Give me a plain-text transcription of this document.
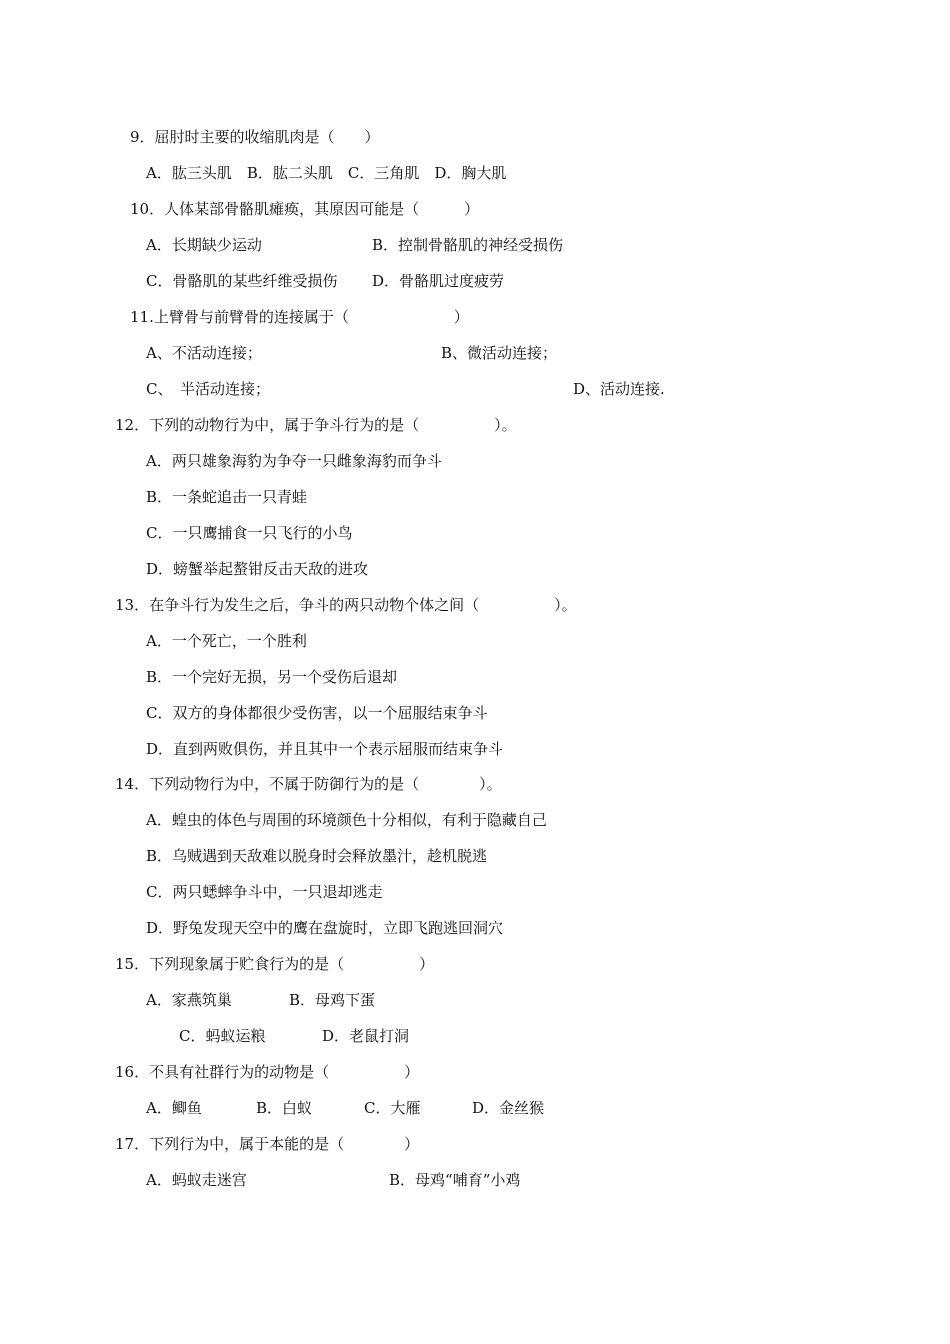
9．屈肘时主要的收缩肌肉是（　　）
A．肱三头肌　B．肱二头肌　C．三角肌　D．胸大肌
10．人体某部骨骼肌瘫痪，其原因可能是（　　　）
A．长期缺少运动	B．控制骨骼肌的神经受损伤
C．骨骼肌的某些纤维受损伤 D．骨骼肌过度疲劳
11.上臂骨与前臂骨的连接属于（　　　　　　　）
A、不活动连接；	B、微活动连接；
C、　半活动连接；	D、活动连接.
12．下列的动物行为中，属于争斗行为的是（　　　　　）。
A．两只雄象海豹为争夺一只雌象海豹而争斗
B．一条蛇追击一只青蛙
C．一只鹰捕食一只飞行的小鸟
D．螃蟹举起螯钳反击天敌的进攻
13．在争斗行为发生之后，争斗的两只动物个体之间（　　　　　）。
A．一个死亡，一个胜利
B．一个完好无损，另一个受伤后退却
C．双方的身体都很少受伤害，以一个屈服结束争斗
D．直到两败俱伤，并且其中一个表示屈服而结束争斗
14．下列动物行为中，不属于防御行为的是（　　　　）。
A．蝗虫的体色与周围的环境颜色十分相似，有利于隐藏自己
B．乌贼遇到天敌难以脱身时会释放墨汁，趁机脱逃
C．两只蟋蟀争斗中，一只退却逃走
D．野兔发现天空中的鹰在盘旋时，立即飞跑逃回洞穴
15．下列现象属于贮食行为的是（　　　　　）
A．家燕筑巢	B．母鸡下蛋
C．蚂蚁运粮	D．老鼠打洞
16．不具有社群行为的动物是（　　　　　）
A．鲫鱼	B．白蚁	C．大雁	D．金丝猴
17．下列行为中，属于本能的是（　　　　）
A．蚂蚁走迷宫	B．母鸡“哺育”小鸡
